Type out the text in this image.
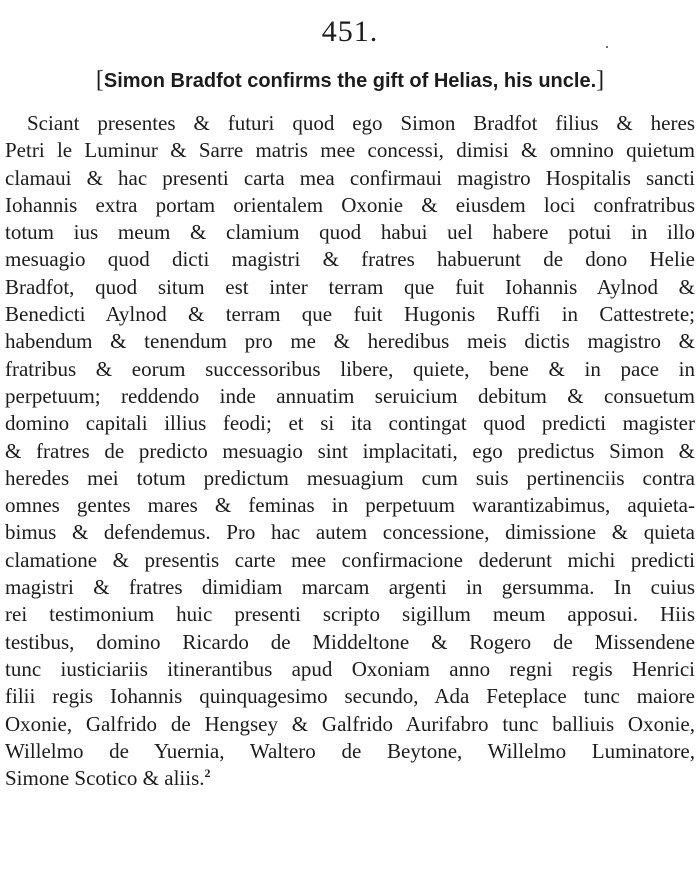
451.
[Simon Bradfot confirms the gift of Helias, his uncle.]
Sciant presentes & futuri quod ego Simon Bradfot filius & heres
Petri le Luminur & Sarre matris mee concessi, dimisi & omnino quietum
clamaui & hac presenti carta mea confirmaui magistro Hospitalis sancti
Iohannis extra portam orientalem Oxonie & eiusdem loci confratribus
totum ius meum & clamium quod habui uel habere potui in illo
mesuagio quod dicti magistri & fratres habuerunt de dono Helie
Bradfot, quod situm est inter terram que fuit Iohannis Aylnod &
Benedicti Aylnod & terram que fuit Hugonis Ruffi in Cattestrete;
habendum & tenendum pro me & heredibus meis dictis magistro &
fratribus & eorum successoribus libere, quiete, bene & in pace in
perpetuum; reddendo inde annuatim seruicium debitum & consuetum
domino capitali illius feodi; et si ita contingat quod predicti magister
& fratres de predicto mesuagio sint implacitati, ego predictus Simon &
heredes mei totum predictum mesuagium cum suis pertinenciis contra
omnes gentes mares & feminas in perpetuum warantizabimus, aquieta-
bimus & defendemus. Pro hac autem concessione, dimissione & quieta
clamatione & presentis carte mee confirmacione dederunt michi predicti
magistri & fratres dimidiam marcam argenti in gersumma. In cuius
rei testimonium huic presenti scripto sigillum meum apposui. Hiis
testibus, domino Ricardo de Middeltone & Rogero de Missendene
tunc iusticiariis itinerantibus apud Oxoniam anno regni regis Henrici
filii regis Iohannis quinquagesimo secundo, Ada Feteplace tunc maiore
Oxonie, Galfrido de Hengsey & Galfrido Aurifabro tunc balliuis Oxonie,
Willelmo de Yuernia, Waltero de Beytone, Willelmo Luminatore,
Simone Scotico & aliis.$^2$
